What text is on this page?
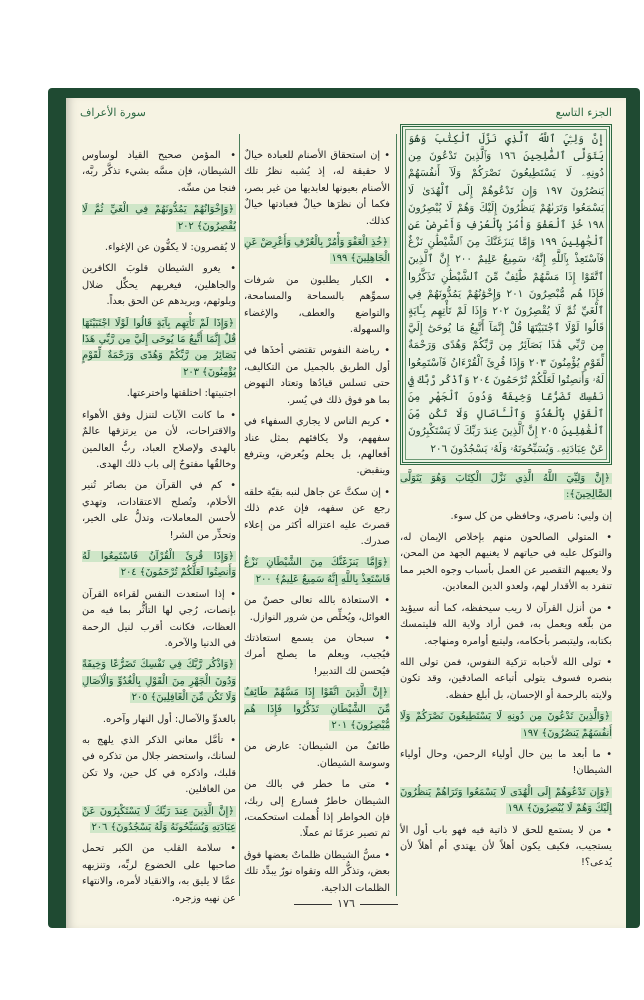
الجزء التاسع
سورة الأعراف
إِنَّ وَلِـِّۧيَ ٱللَّهُ ٱلَّذِي نَزَّلَ ٱلْكِتَٰبَ وَهُوَ يَتَوَلَّى ٱلصَّٰلِحِينَ ١٩٦ وَٱلَّذِينَ تَدْعُونَ مِن دُونِهِۦ لَا يَسْتَطِيعُونَ نَصْرَكُمْ وَلَآ أَنفُسَهُمْ يَنصُرُونَ ١٩٧ وَإِن تَدْعُوهُمْ إِلَى ٱلْهُدَىٰ لَا يَسْمَعُوا وَتَرَىٰهُمْ يَنظُرُونَ إِلَيْكَ وَهُمْ لَا يُبْصِرُونَ ١٩٨ خُذِ ٱلْعَفْوَ وَأْمُرْ بِٱلْعُرْفِ وَأَعْرِضْ عَنِ ٱلْجَٰهِلِينَ ١٩٩ وَإِمَّا يَنزَغَنَّكَ مِنَ ٱلشَّيْطَٰنِ نَزْغٌ فَٱسْتَعِذْ بِٱللَّهِ إِنَّهُۥ سَمِيعٌ عَلِيمٌ ٢٠٠ إِنَّ ٱلَّذِينَ ٱتَّقَوْا إِذَا مَسَّهُمْ طَٰٓئِفٌ مِّنَ ٱلشَّيْطَٰنِ تَذَكَّرُوا فَإِذَا هُم مُّبْصِرُونَ ٢٠١ وَإِخْوَٰنُهُمْ يَمُدُّونَهُمْ فِي ٱلْغَيِّ ثُمَّ لَا يُقْصِرُونَ ٢٠٢ وَإِذَا لَمْ تَأْتِهِم بِـَٔايَةٍ قَالُوا لَوْلَا ٱجْتَبَيْتَهَا قُلْ إِنَّمَآ أَتَّبِعُ مَا يُوحَىٰٓ إِلَيَّ مِن رَّبِّي هَٰذَا بَصَآئِرُ مِن رَّبِّكُمْ وَهُدًى وَرَحْمَةٌ لِّقَوْمٍ يُؤْمِنُونَ ٢٠٣ وَإِذَا قُرِئَ ٱلْقُرْءَانُ فَٱسْتَمِعُوا لَهُۥ وَأَنصِتُوا لَعَلَّكُمْ تُرْحَمُونَ ٢٠٤ وَٱذْكُر رَّبَّكَ فِي نَفْسِكَ تَضَرُّعًا وَخِيفَةً وَدُونَ ٱلْجَهْرِ مِنَ ٱلْقَوْلِ بِٱلْغُدُوِّ وَٱلْـَٔاصَالِ وَلَا تَكُن مِّنَ ٱلْغَٰفِلِينَ ٢٠٥ إِنَّ ٱلَّذِينَ عِندَ رَبِّكَ لَا يَسْتَكْبِرُونَ عَنْ عِبَادَتِهِۦ وَيُسَبِّحُونَهُۥ وَلَهُۥ يَسْجُدُونَ ٢٠٦

﴿إِنَّ وَلِيِّيَ اللَّهُ الَّذِي نَزَّلَ الْكِتَابَ وَهُوَ يَتَوَلَّى الصَّالِحِينَ﴾:

إن وليي: ناصري، وحافظي من كل سوء.

• المتولي الصالحون منهم بإخلاص الإيمان له، والتوكل عليه في حياتهم لا يغنيهم الجهد من المحن، ولا يعيبهم التقصير عن العمل بأسباب وجوه الخير مما تنفرد به الأقدار لهم، ولعدو الدين المعادين.

• من أنزل القرآن لا ريب سيحفظه، كما أنه سيؤيد من بلّغه ويعمل به، فمن أراد ولاية الله فليتمسك بكتابه، وليتبصر بأحكامه، وليتبع أوامره ومنهاجه.

• تولى الله لأحبابه تزكية النفوس، فمن تولى الله بنصره فسوف يتولى أتباعه الصادقين، وقد تكون ولايته بالرحمة أو الإحسان، بل أبلغ حفظه.

﴿وَالَّذِينَ تَدْعُونَ مِن دُونِهِ لَا يَسْتَطِيعُونَ نَصْرَكُمْ وَلَا أَنفُسَهُمْ يَنصُرُونَ﴾ ١٩٧

• ما أبعد ما بين حال أولياء الرحمن، وحال أولياء الشيطان!

﴿وَإِن تَدْعُوهُمْ إِلَى الْهُدَى لَا يَسْمَعُوا وَتَرَاهُمْ يَنظُرُونَ إِلَيْكَ وَهُمْ لَا يُبْصِرُونَ﴾ ١٩٨

• من لا يستمع للحق لا ذاتية فيه فهو باب أول الأ يستجيب، فكيف يكون أهلاً لأن يهتدي أم أهلاً لأن يُدعى؟!

• إن استحقاق الأصنام للعبادة خيالٌ لا حقيقة له، إذ يُشبه نظرُ تلك الأصنام بعيونها لعابديها من غير بصر، فكما أن نظرَها خيالٌ فعبادتها خيالٌ كذلك.

﴿خُذِ الْعَفْوَ وَأْمُرْ بِالْعُرْفِ وَأَعْرِضْ عَنِ الْجَاهِلِينَ﴾ ١٩٩

• الكبار يطلبون من شرفات سموِّهم بالسماحة والمسامحة، والتواضع والعطف، والإغضاء والسهولة.

• رياضة النفوس تقتضي أخذَها في أول الطريق بالجميل من التكاليف، حتى تسلس قيادُها وتعتاد النهوض بما هو فوق ذلك في يُسر.

• كريم الناس لا يجاري السفهاء في سفههم، ولا يكافئهم بمثل عناد أفعالهم، بل يحلم ويُعرض، ويترفع وينقبض.

• إن سكتَّ عن جاهل لنبه بقيّة خلقه رجع عن سفهه، فإن عدم ذلك قصرتَ عليه اعتزاله أكثر من إعلاء صدرك.

﴿وَإِمَّا يَنزَغَنَّكَ مِنَ الشَّيْطَانِ نَزْغٌ فَاسْتَعِذْ بِاللَّهِ إِنَّهُ سَمِيعٌ عَلِيمٌ﴾ ٢٠٠

• الاستعاذة بالله تعالى حصنٌ من الغوائل، ويُخلِّص من شرور النوازل.

• سبحان من يسمع استعاذتك فيُجيب، ويعلم ما يصلح أمرك فيُحسن لك التدبير!

﴿إِنَّ الَّذِينَ اتَّقَوْا إِذَا مَسَّهُمْ طَائِفٌ مِّنَ الشَّيْطَانِ تَذَكَّرُوا فَإِذَا هُم مُّبْصِرُونَ﴾ ٢٠١

طائفٌ من الشيطان: عارض من وسوسة الشيطان.

• متى ما خطر في بالك من الشيطان خاطرٌ فسارع إلى ربك، فإن الخواطر إذا أُهملت استحكمت، ثم تصير عزمًا ثم عملًا.

• مسُّ الشيطان ظلماتٌ بعضها فوق بعض، وتذكُّر الله وتقواه نورٌ يبدِّد تلك الظلمات الداجية.

• المؤمن صحيح القياد لوساوس الشيطان، فإن مسَّه بشيء تذكَّر ربَّه، فنجا من مسِّه.

﴿وَإِخْوَانُهُمْ يَمُدُّونَهُمْ فِي الْغَيِّ ثُمَّ لَا يُقْصِرُونَ﴾ ٢٠٢

لا يُقصرون: لا يكفُّون عن الإغواء.

• يغرو الشيطان قلوبَ الكافرين والجاهلين، فيغريهم يحكِّل ضلال ويلوثهم، ويريدهم عن الحق بعداً.

﴿وَإِذَا لَمْ تَأْتِهِم بِآيَةٍ قَالُوا لَوْلَا اجْتَبَيْتَهَا قُلْ إِنَّمَا أَتَّبِعُ مَا يُوحَى إِلَيَّ مِن رَّبِّي هَذَا بَصَائِرُ مِن رَّبِّكُمْ وَهُدًى وَرَحْمَةٌ لِّقَوْمٍ يُؤْمِنُونَ﴾ ٢٠٣

اجتبيتها: اختلقتها واخترعتها.

• ما كانت الآيات لتنزل وفق الأهواء والاقتراحات، لأن من يرتزقها عالمٌ بالهدى ولإصلاح العباد، ربُّ العالمين وخالقُها مفتوحٌ إلى باب ذلك الهدى.

• كم في القرآن من بصائر تُنير الأحلام، وتُصلح الاعتقادات، وتهدي لأحسن المعاملات، وتدلُّ على الخير، وتحذِّر من الشر!

﴿وَإِذَا قُرِئَ الْقُرْآنُ فَاسْتَمِعُوا لَهُ وَأَنصِتُوا لَعَلَّكُمْ تُرْحَمُونَ﴾ ٢٠٤

• إذا استعدت النفس لقراءة القرآن بإنصات، رُجي لها التأثُّر بما فيه من العظات، فكانت أقرب لنيل الرحمة في الدنيا والآخرة.

﴿وَاذْكُر رَّبَّكَ فِي نَفْسِكَ تَضَرُّعًا وَخِيفَةً وَدُونَ الْجَهْرِ مِنَ الْقَوْلِ بِالْغُدُوِّ وَالْآصَالِ وَلَا تَكُن مِّنَ الْغَافِلِينَ﴾ ٢٠٥

بالغدوِّ والآصال: أول النهار وآخره.

• تأمَّل معاني الذكر الذي يلهج به لسانك، واستحضر جلال من تذكره في قلبك، واذكره في كل حين، ولا تكن من الغافلين.

﴿إِنَّ الَّذِينَ عِندَ رَبِّكَ لَا يَسْتَكْبِرُونَ عَنْ عِبَادَتِهِ وَيُسَبِّحُونَهُ وَلَهُ يَسْجُدُونَ﴾ ٢٠٦

• سلامة القلب من الكبر تحمل صاحبها على الخضوع لربِّه، وتنزيهه عمَّا لا يليق به، والانقياد لأمره، والانتهاء عن نهيه وزجره.	١٧٦
